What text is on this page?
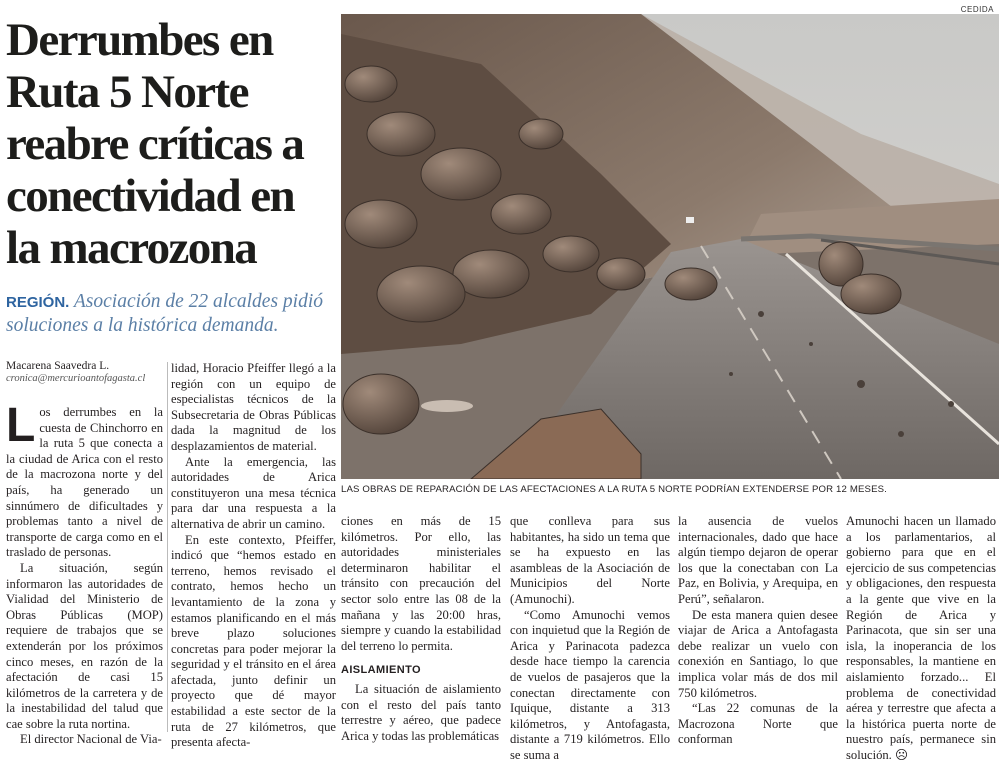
Derrumbes en Ruta 5 Norte reabre críticas a conectividad en la macrozona

REGIÓN. Asociación de 22 alcaldes pidió soluciones a la histórica demanda.

Macarena Saavedra L.
cronica@mercurioantofagasta.cl
CEDIDA
LAS OBRAS DE REPARACIÓN DE LAS AFECTACIONES A LA RUTA 5 NORTE PODRÍAN EXTENDERSE POR 12 MESES.

Los derrumbes en la cuesta de Chinchorro en la ruta 5 que conecta a la ciudad de Arica con el resto de la macrozona norte y del país, ha generado un sinnúmero de dificultades y problemas tanto a nivel de transporte de carga como en el traslado de personas.

La situación, según informaron las autoridades de Vialidad del Ministerio de Obras Públicas (MOP) requiere de trabajos que se extenderán por los próximos cinco meses, en razón de la afectación de casi 15 kilómetros de la carretera y de la inestabilidad del talud que cae sobre la ruta nortina.

El director Nacional de Via-

lidad, Horacio Pfeiffer llegó a la región con un equipo de especialistas técnicos de la Subsecretaria de Obras Públicas dada la magnitud de los desplazamientos de material.

Ante la emergencia, las autoridades de Arica constituyeron una mesa técnica para dar una respuesta a la alternativa de abrir un camino.

En este contexto, Pfeiffer, indicó que “hemos estado en terreno, hemos revisado el contrato, hemos hecho un levantamiento de la zona y estamos planificando en el más breve plazo soluciones concretas para poder mejorar la seguridad y el tránsito en el área afectada, junto definir un proyecto que dé mayor estabilidad a este sector de la ruta de 27 kilómetros, que presenta afecta-

ciones en más de 15 kilómetros. Por ello, las autoridades ministeriales determinaron habilitar el tránsito con precaución del sector solo entre las 08 de la mañana y las 20:00 hras, siempre y cuando la estabilidad del terreno lo permita.

AISLAMIENTO

La situación de aislamiento con el resto del país tanto terrestre y aéreo, que padece Arica y todas las problemáticas

que conlleva para sus habitantes, ha sido un tema que se ha expuesto en las asambleas de la Asociación de Municipios del Norte (Amunochi).

“Como Amunochi vemos con inquietud que la Región de Arica y Parinacota padezca desde hace tiempo la carencia de vuelos de pasajeros que la conectan directamente con Iquique, distante a 313 kilómetros, y Antofagasta, distante a 719 kilómetros. Ello se suma a

la ausencia de vuelos internacionales, dado que hace algún tiempo dejaron de operar los que la conectaban con La Paz, en Bolivia, y Arequipa, en Perú”, señalaron.

De esta manera quien desee viajar de Arica a Antofagasta debe realizar un vuelo con conexión en Santiago, lo que implica volar más de dos mil 750 kilómetros.

“Las 22 comunas de la Macrozona Norte que conforman

Amunochi hacen un llamado a los parlamentarios, al gobierno para que en el ejercicio de sus competencias y obligaciones, den respuesta a la gente que vive en la Región de Arica y Parinacota, que sin ser una isla, la inoperancia de los responsables, la mantiene en aislamiento forzado... El problema de conectividad aérea y terrestre que afecta a la histórica puerta norte de nuestro país, permanece sin solución. ☹
